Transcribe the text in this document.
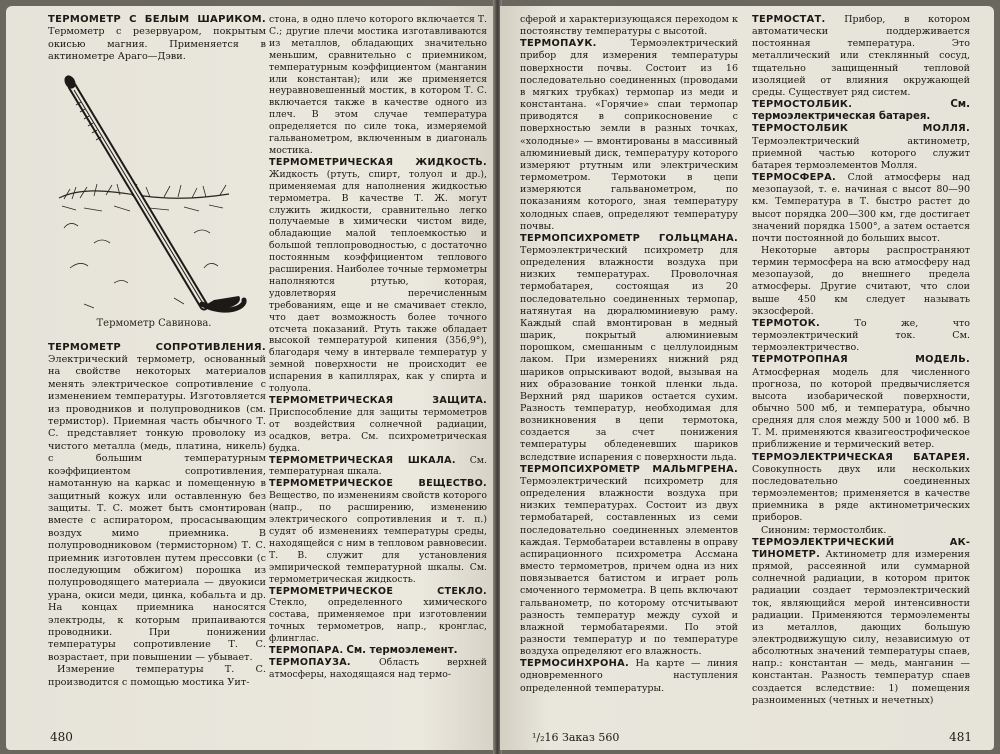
ТЕРМОМЕТР С БЕЛЫМ ШАРИКОМ. Термометр с резервуаром, покрытым окисью магния. Применяется в актинометре Араго—Дэви.

Термометр Савинова.

ТЕРМОМЕТР СОПРОТИВЛЕНИЯ. Электрический термометр, основанный на свойстве некоторых материалов менять электрическое сопротивление с изменением температуры. Изготовляется из проводников и полупроводников (см. термистор). Приемная часть обычного Т. С. представляет тонкую проволоку из чистого металла (медь, платина, никель) с большим температурным коэффициентом сопротивления, намотанную на каркас и помещенную в защитный кожух или оставленную без защиты. Т. С. может быть смонтирован вместе с аспиратором, просасывающим воздух мимо приемника. В полупроводниковом (термисторном) Т. С. приемник изготовлен путем прессовки (с последующим обжигом) порошка из полупроводящего материала — двуокиси урана, окиси меди, цинка, кобальта и др. На концах приемника наносятся электроды, к которым припаиваются проводники. При понижении температуры сопротивление Т. С. возрастает, при повышении — убывает.

Измерение температуры Т. С. производится с помощью мостика Уит-

стона, в одно плечо которого включается Т. С.; другие плечи мостика изготавливаются из металлов, обладающих значительно меньшим, сравнительно с приемником, температурным коэффициентом (манганин или константан); или же применяется неуравновешенный мостик, в котором Т. С. включается также в качестве одного из плеч. В этом случае температура определяется по силе тока, измеряемой гальванометром, включенным в диагональ мостика.

ТЕРМОМЕТРИЧЕСКАЯ ЖИДКОСТЬ. Жидкость (ртуть, спирт, толуол и др.), применяемая для наполнения жидкостью термометра. В качестве Т. Ж. могут служить жидкости, сравнительно легко получаемые в химически чистом виде, обладающие малой теплоемкостью и большой теплопроводностью, с достаточно постоянным коэффициентом теплового расширения. Наиболее точные термометры наполняются ртутью, которая, удовлетворяя перечисленным требованиям, еще и не смачивает стекло, что дает возможность более точного отсчета показаний. Ртуть также обладает высокой температурой кипения (356,9°), благодаря чему в интервале температур у земной поверхности не происходит ее испарения в капиллярах, как у спирта и толуола.

ТЕРМОМЕТРИЧЕСКАЯ ЗАЩИТА. Приспособление для защиты термометров от воздействия солнечной радиации, осадков, ветра. См. психрометрическая будка.

ТЕРМОМЕТРИЧЕСКАЯ ШКАЛА. См. температурная шкала.

ТЕРМОМЕТРИЧЕСКОЕ ВЕЩЕСТВО. Вещество, по изменениям свойств которого (напр., по расширению, изменению электрического сопротивления и т. п.) судят об изменениях температуры среды, находящейся с ним в тепловом равновесии. Т. В. служит для установления эмпирической температурной шкалы. См. термометрическая жидкость.

ТЕРМОМЕТРИЧЕСКОЕ СТЕКЛО. Стекло, определенного химического состава, применяемое при изготовлении точных термометров, напр., кронглас, флинглас.

ТЕРМОПАРА. См. термоэлемент.

ТЕРМОПАУЗА.	Область верхней атмосферы, находящаяся над термо-

480

сферой и характеризующаяся переходом к постоянству температуры с высотой.

ТЕРМОПАУК.	Термоэлектрический прибор для измерения температуры поверхности почвы. Состоит из 16 последовательно соединенных (проводами в мягких трубках) термопар из меди и константана. «Горячие» спаи термопар приводятся в соприкосновение с поверхностью земли в разных точках, «холодные» — вмонтированы в массивный алюминиевый диск, температуру которого измеряют ртутным или электрическим термометром. Термотоки в цепи измеряются гальванометром, по показаниям которого, зная температуру холодных спаев, определяют температуру почвы.

ТЕРМОПСИХРОМЕТР ГОЛЬЦМАНА. Термоэлектрический психрометр для определения влажности воздуха при низких температурах. Проволочная термобатарея, состоящая из 20 последовательно соединенных термопар, натянутая на дюралюминиевую раму. Каждый спай вмонтирован в медный шарик, покрытый алюминиевым порошком, смешанным с целлулоидным лаком. При измерениях нижний ряд шариков опрыскивают водой, вызывая на них образование тонкой пленки льда. Верхний ряд шариков остается сухим. Разность температур, необходимая для возникновения в цепи термотока, создается за счет понижения температуры обледеневших шариков вследствие испарения с поверхности льда.

ТЕРМОПСИХРОМЕТР МАЛЬМГРЕНА. Термоэлектрический психрометр для определения влажности воздуха при низких температурах. Состоит из двух термобатарей, составленных из семи последовательно соединенных элементов каждая. Термобатареи вставлены в оправу аспирационного психрометра Ассмана вместо термометров, причем одна из них повязывается батистом и играет роль смоченного термометра. В цепь включают гальванометр, по которому отсчитывают разность температур между сухой и влажной термобатареями. По этой разности температур и по температуре воздуха определяют его влажность.

ТЕРМОСИНХРОНА. На карте — линия одновременного наступления определенной температуры.

ТЕРМОСТАТ. Прибор, в котором автоматически поддерживается постоянная температура. Это металлический или стеклянный сосуд, тщательно защищенный тепловой изоляцией от влияния окружающей среды. Существует ряд систем.

ТЕРМОСТОЛБИК.	См. термоэлектрическая батарея.

ТЕРМОСТОЛБИК МОЛЛЯ. Термоэлектрический актинометр, приемной частью которого служит батарея термоэлементов Молля.

ТЕРМОСФЕРА. Слой атмосферы над мезопаузой, т. е. начиная с высот 80—90 км. Температура в Т. быстро растет до высот порядка 200—300 км, где достигает значений порядка 1500°, а затем остается почти постоянной до больших высот.

Некоторые авторы распространяют термин термосфера на всю атмосферу над мезопаузой, до внешнего предела атмосферы. Другие считают, что слои выше 450 км следует называть экзосферой.

ТЕРМОТОК.	То же, что термоэлектрический ток. См. термоэлектричество.

ТЕРМОТРОПНАЯ МОДЕЛЬ. Атмосферная модель для численного прогноза, по которой предвычисляется высота изобарической поверхности, обычно 500 мб, и температура, обычно средняя для слоя между 500 и 1000 мб. В Т. М. применяются квазигеострофическое приближение и термический ветер.

ТЕРМОЭЛЕКТРИЧЕСКАЯ БАТАРЕЯ. Совокупность двух или нескольких последовательно соединенных термоэлементов; применяется в качестве приемника в ряде актинометрических приборов.

Синоним: термостолбик.

ТЕРМОЭЛЕКТРИЧЕСКИЙ АКТИНОМЕТР. Актинометр для измерения прямой, рассеянной или суммарной солнечной радиации, в котором приток радиации создает термоэлектрический ток, являющийся мерой интенсивности радиации. Применяются термоэлементы из металлов, дающих большую электродвижущую силу, независимую от абсолютных значений температуры спаев, напр.: константан — медь, манганин — константан. Разность температур спаев создается вследствие: 1) помещения разноименных (четных и нечетных)

¹/₂16 Заказ 560	481
